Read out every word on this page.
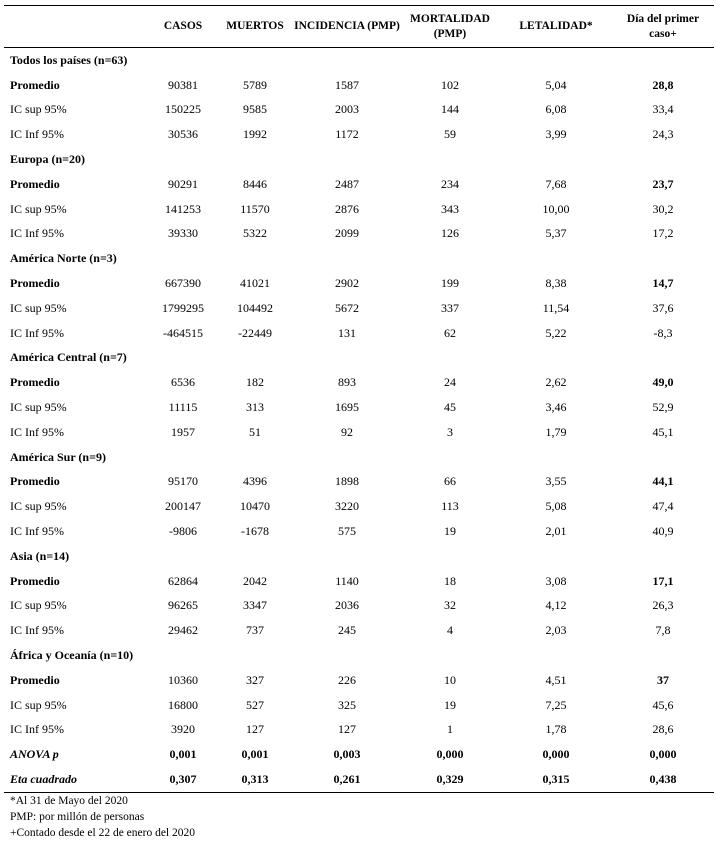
	CASOS	MUERTOS	INCIDENCIA (PMP)	MORTALIDAD (PMP)	LETALIDAD*	Día del primer caso+
Todos los países (n=63)						
Promedio	90381	5789	1587	102	5,04	28,8
IC sup 95%	150225	9585	2003	144	6,08	33,4
IC Inf 95%	30536	1992	1172	59	3,99	24,3
Europa (n=20)						
Promedio	90291	8446	2487	234	7,68	23,7
IC sup 95%	141253	11570	2876	343	10,00	30,2
IC Inf 95%	39330	5322	2099	126	5,37	17,2
América Norte (n=3)						
Promedio	667390	41021	2902	199	8,38	14,7
IC sup 95%	1799295	104492	5672	337	11,54	37,6
IC Inf 95%	-464515	-22449	131	62	5,22	-8,3
América Central (n=7)						
Promedio	6536	182	893	24	2,62	49,0
IC sup 95%	11115	313	1695	45	3,46	52,9
IC Inf 95%	1957	51	92	3	1,79	45,1
América Sur (n=9)						
Promedio	95170	4396	1898	66	3,55	44,1
IC sup 95%	200147	10470	3220	113	5,08	47,4
IC Inf 95%	-9806	-1678	575	19	2,01	40,9
Asia (n=14)						
Promedio	62864	2042	1140	18	3,08	17,1
IC sup 95%	96265	3347	2036	32	4,12	26,3
IC Inf 95%	29462	737	245	4	2,03	7,8
África y Oceanía (n=10)						
Promedio	10360	327	226	10	4,51	37
IC sup 95%	16800	527	325	19	7,25	45,6
IC Inf 95%	3920	127	127	1	1,78	28,6
ANOVA p	0,001	0,001	0,003	0,000	0,000	0,000
Eta cuadrado	0,307	0,313	0,261	0,329	0,315	0,438
*Al 31 de Mayo del 2020
PMP: por millón de personas
+Contado desde el 22 de enero del 2020
